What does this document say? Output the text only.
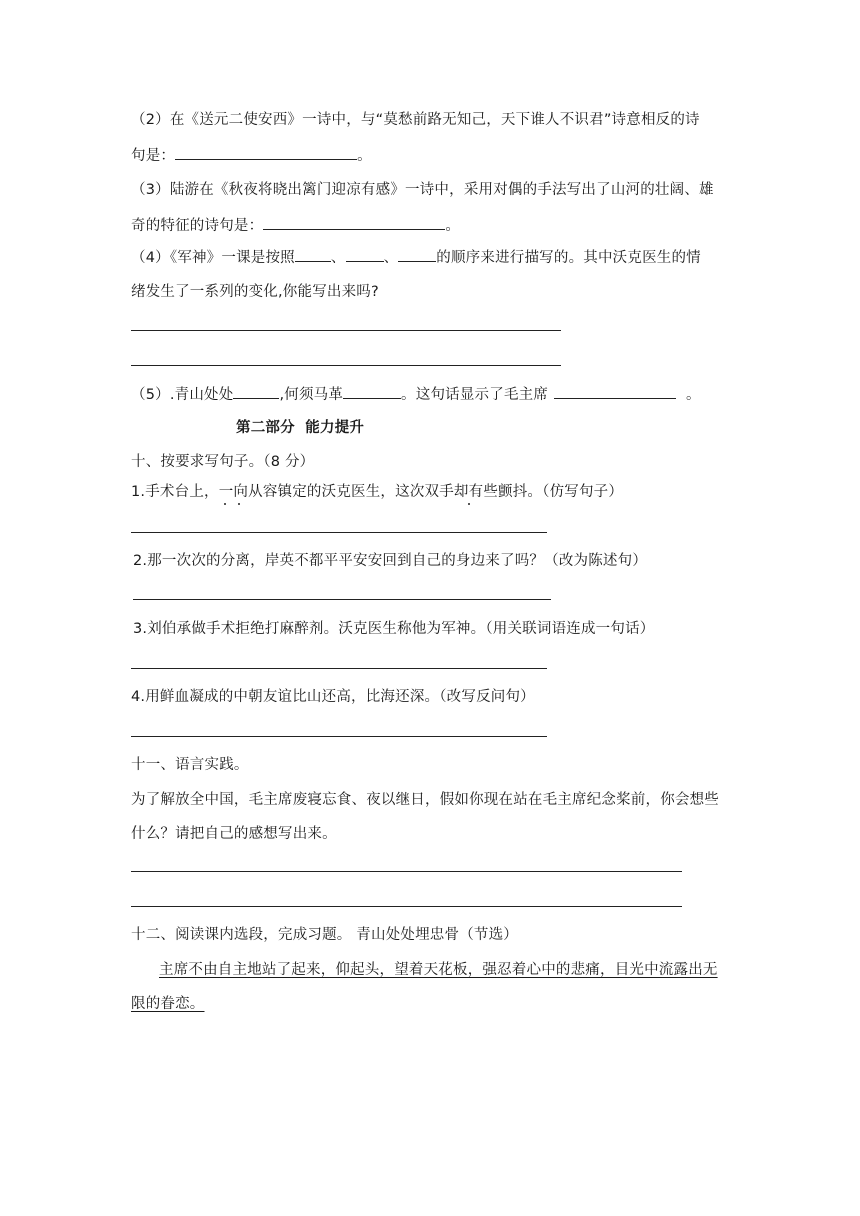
（2）在《送元二使安西》一诗中，与“莫愁前路无知己，天下谁人不识君”诗意相反的诗
句是：	。
（3）陆游在《秋夜将晓出篱门迎凉有感》一诗中，采用对偶的手法写出了山河的壮阔、雄
奇的特征的诗句是：	。
（4）《军神》一课是按照 、	、	的顺序来进行描写的。其中沃克医生的情
绪发生了一系列的变化,你能写出来吗?
（5）.青山处处	,何须马革	。这句话显示了毛主席	。
第二部分  能力提升
十、按要求写句子。（8 分）
1.手术台上，一向从容镇定的沃克医生，这次双手却有些颤抖。（仿写句子）
2.那一次次的分离，岸英不都平平安安回到自己的身边来了吗？（改为陈述句）
3.刘伯承做手术拒绝打麻醉剂。沃克医生称他为军神。（用关联词语连成一句话）
4.用鲜血凝成的中朝友谊比山还高，比海还深。（改写反问句）
十一、语言实践。
为了解放全中国，毛主席废寝忘食、夜以继日，假如你现在站在毛主席纪念桨前，你会想些
什么？请把自己的感想写出来。
十二、阅读课内选段，完成习题。 青山处处埋忠骨（节选）
主席不由自主地站了起来，仰起头，望着天花板，强忍着心中的悲痛，目光中流露出无
限的眷恋。
